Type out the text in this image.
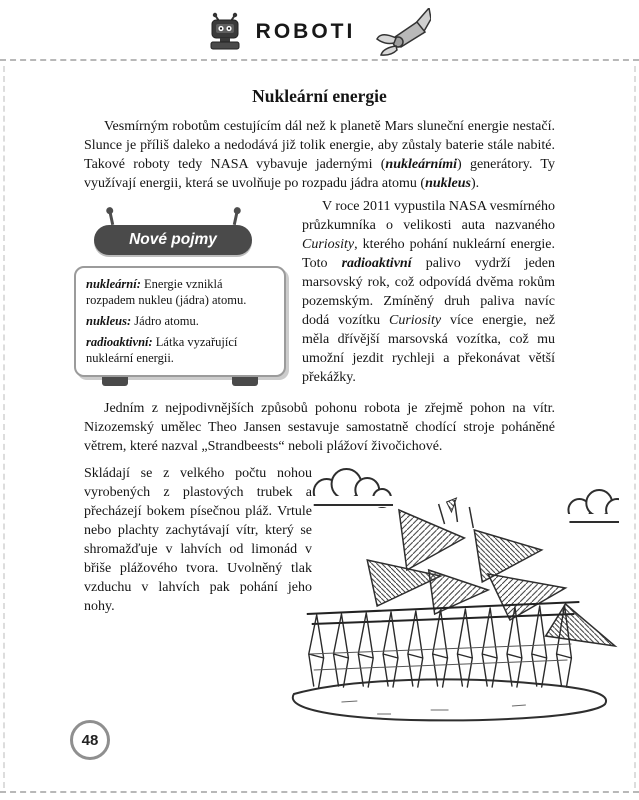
ROBOTI
Nukleární energie

Vesmírným robotům cestujícím dál než k planetě Mars sluneční energie nestačí. Slunce je příliš daleko a nedodává již tolik energie, aby zůstaly baterie stále nabité. Takové roboty tedy NASA vybavuje jadernými (nukleárními) generátory. Ty využívají energii, která se uvolňuje po rozpadu jádra atomu (nukleus).

Nové pojmy

nukleární: Energie vzniklá rozpadem nukleu (jádra) atomu.

nukleus: Jádro atomu.

radioaktivní: Látka vyzařující nukleární energii.

V roce 2011 vypustila NASA vesmírného průzkumníka o velikosti auta nazvaného Curiosity, kterého pohání nukleární energie. Toto radioaktivní palivo vydrží jeden marsovský rok, což odpovídá dvěma rokům pozemským. Zmíněný druh paliva navíc dodá vozítku Curiosity více energie, než měla dřívější marsovská vozítka, což mu umožní jezdit rychleji a překonávat větší překážky.

Jedním z nejpodivnějších způsobů pohonu robota je zřejmě pohon na vítr. Nizozemský umělec Theo Jansen sestavuje samostatně chodící stroje poháněné větrem, které nazval „Strandbeests“ neboli plážoví živočichové.

Skládají se z velkého počtu nohou vyrobených z plastových trubek a přecházejí bokem písečnou pláž. Vrtule nebo plachty zachytávají vítr, který se shromažďuje v lahvích od limonád v břiše plážového tvora. Uvolněný tlak vzduchu v lahvích pak pohání jeho nohy.

48
